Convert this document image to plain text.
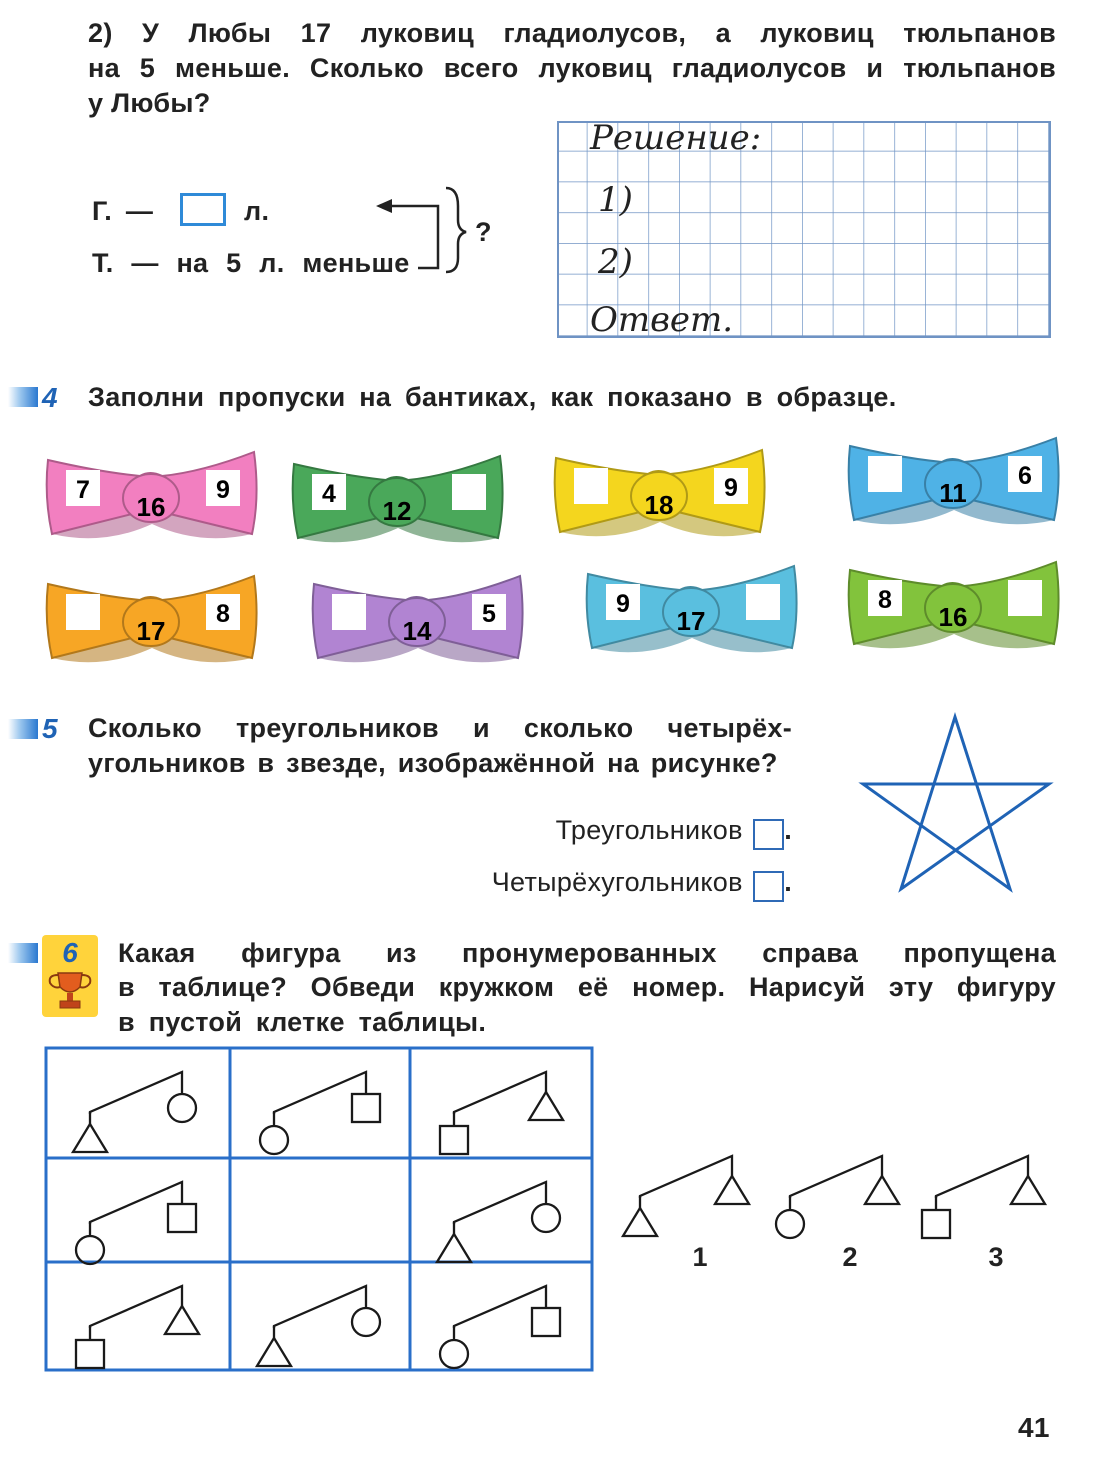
2) У Любы 17 луковиц гладиолусов, а луковиц тюльпанов
на 5 меньше. Сколько всего луковиц гладиолусов и тюльпанов
у Любы?
Г. —	л.
Т. — на 5 л. меньше
?
Решение:
1)
2)
Ответ.
4 Заполни пропуски на бантиках, как показано в образце.
7	9
16	4
12
9
18
6
11
8
17
5
14
9
17
8
16
5 Сколько треугольников и сколько четырёх-
угольников в звезде, изображённой на рисунке?
Треугольников .
Четырёхугольников .
6	Какая фигура из пронумерованных справа пропущена
в таблице? Обведи кружком её номер. Нарисуй эту фигуру
в пустой клетке таблицы.
1	2	3
41
